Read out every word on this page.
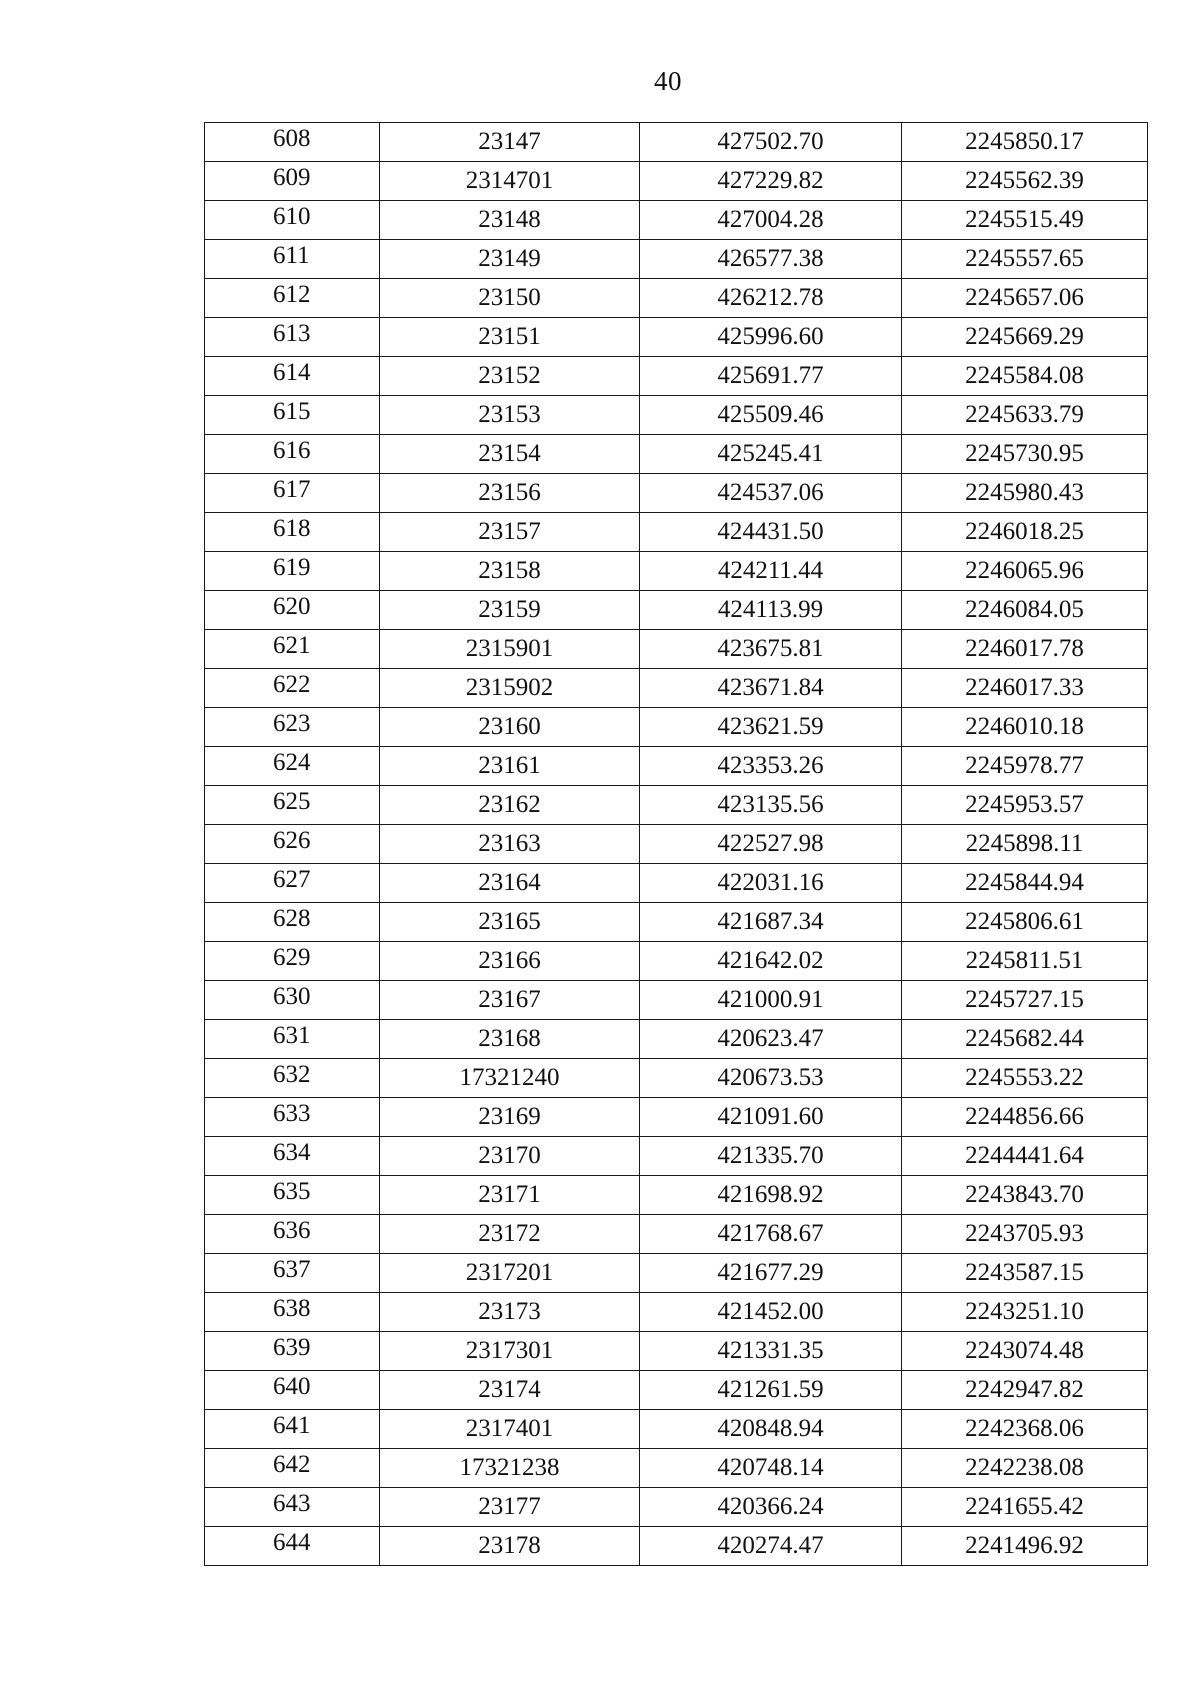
40
608	23147	427502.70	2245850.17
609	2314701	427229.82	2245562.39
610	23148	427004.28	2245515.49
611	23149	426577.38	2245557.65
612	23150	426212.78	2245657.06
613	23151	425996.60	2245669.29
614	23152	425691.77	2245584.08
615	23153	425509.46	2245633.79
616	23154	425245.41	2245730.95
617	23156	424537.06	2245980.43
618	23157	424431.50	2246018.25
619	23158	424211.44	2246065.96
620	23159	424113.99	2246084.05
621	2315901	423675.81	2246017.78
622	2315902	423671.84	2246017.33
623	23160	423621.59	2246010.18
624	23161	423353.26	2245978.77
625	23162	423135.56	2245953.57
626	23163	422527.98	2245898.11
627	23164	422031.16	2245844.94
628	23165	421687.34	2245806.61
629	23166	421642.02	2245811.51
630	23167	421000.91	2245727.15
631	23168	420623.47	2245682.44
632	17321240	420673.53	2245553.22
633	23169	421091.60	2244856.66
634	23170	421335.70	2244441.64
635	23171	421698.92	2243843.70
636	23172	421768.67	2243705.93
637	2317201	421677.29	2243587.15
638	23173	421452.00	2243251.10
639	2317301	421331.35	2243074.48
640	23174	421261.59	2242947.82
641	2317401	420848.94	2242368.06
642	17321238	420748.14	2242238.08
643	23177	420366.24	2241655.42
644	23178	420274.47	2241496.92
